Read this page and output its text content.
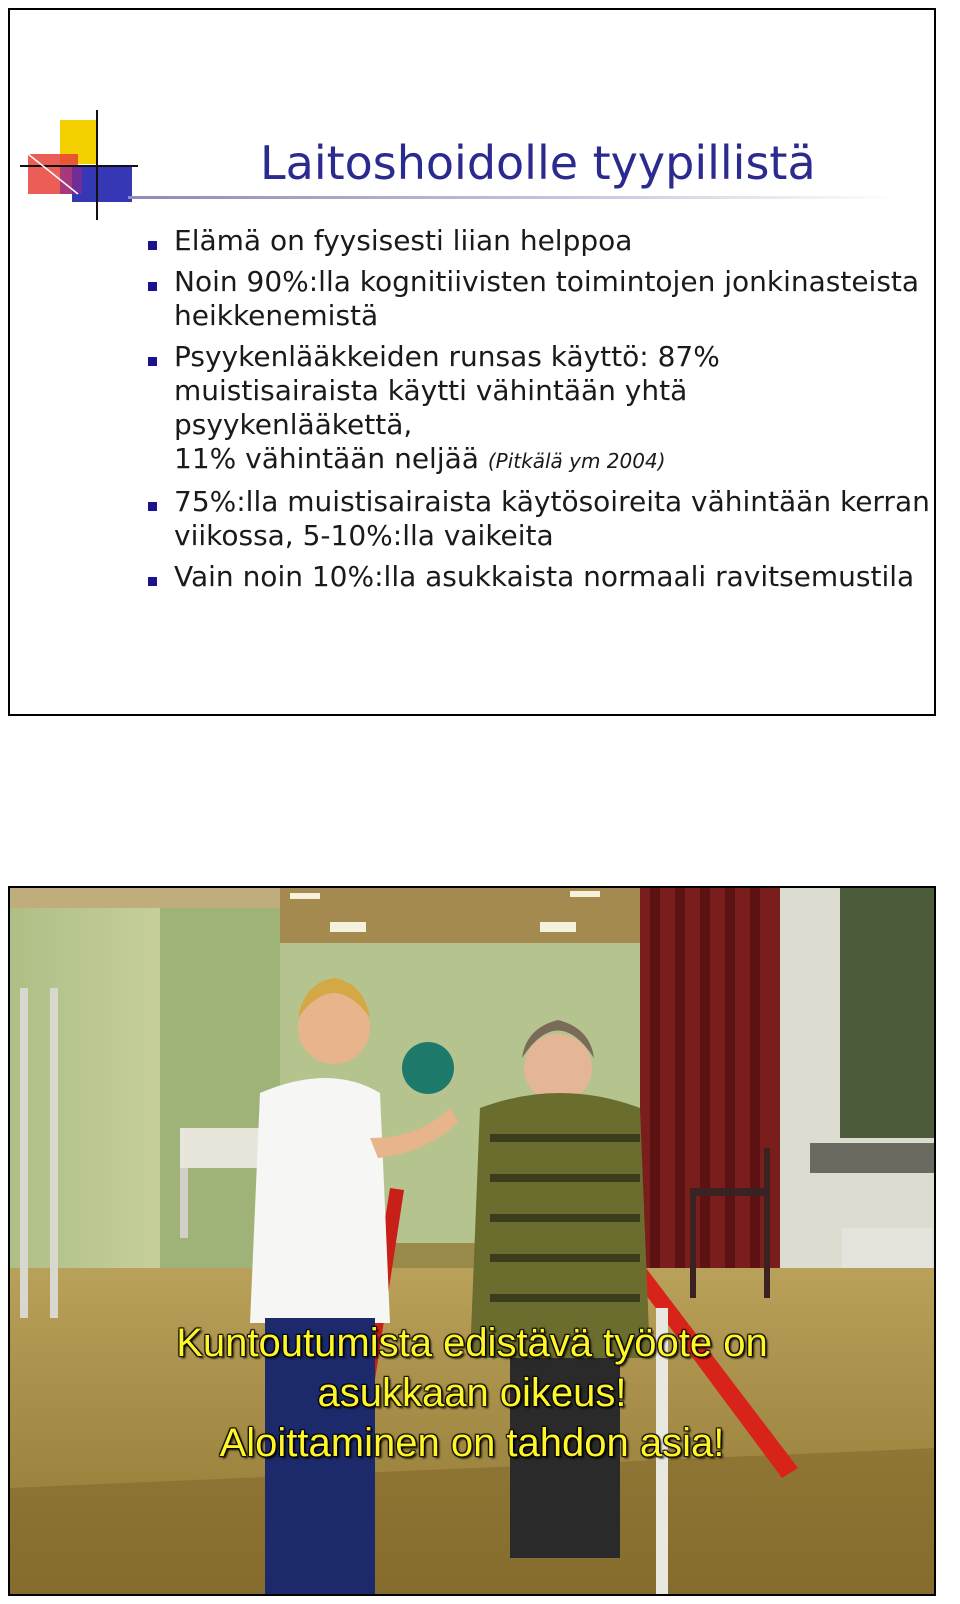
Laitoshoidolle tyypillistä
Elämä on fyysisesti liian helppoa
Noin 90%:lla kognitiivisten toimintojen jonkinasteista
heikkenemistä
Psyykenlääkkeiden runsas käyttö: 87%
muistisairaista käytti vähintään yhtä psyykenlääkettä,
11% vähintään neljää (Pitkälä ym 2004)
75%:lla muistisairaista käytösoireita vähintään kerran
viikossa, 5-10%:lla vaikeita
Vain noin 10%:lla asukkaista normaali ravitsemustila
Kuntoutumista edistävä työote on
asukkaan oikeus!
Aloittaminen on tahdon asia!
